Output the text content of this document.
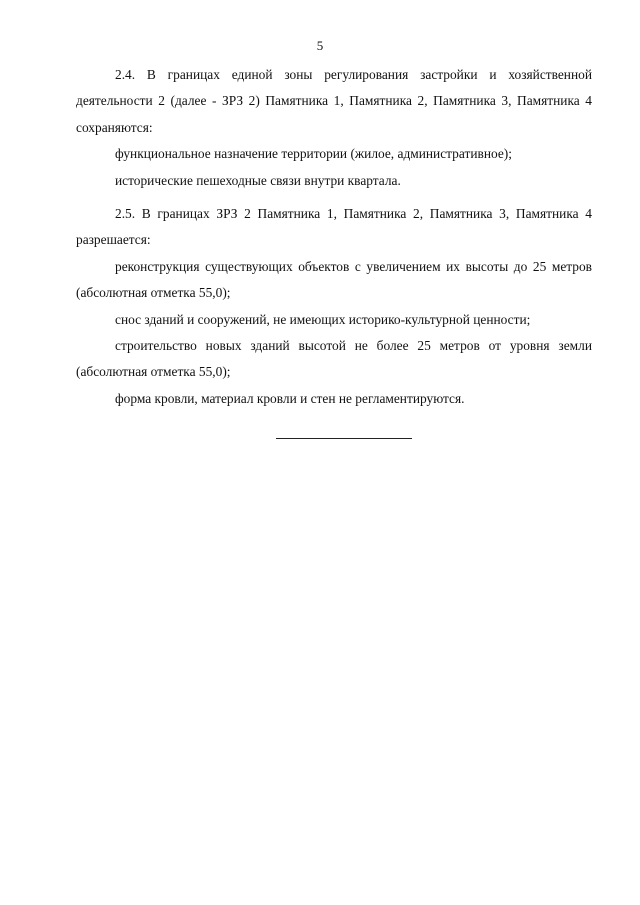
5

2.4. В границах единой зоны регулирования застройки и хозяйственной деятельности 2 (далее - ЗРЗ 2) Памятника 1, Памятника 2, Памятника 3, Памятника 4 сохраняются:

функциональное назначение территории (жилое, административное);

исторические пешеходные связи внутри квартала.

2.5. В границах ЗРЗ 2 Памятника 1, Памятника 2, Памятника 3, Памятника 4 разрешается:

реконструкция существующих объектов с увеличением их высоты до 25 метров (абсолютная отметка 55,0);

снос зданий и сооружений, не имеющих историко-культурной ценности;

строительство новых зданий высотой не более 25 метров от уровня земли (абсолютная отметка 55,0);

форма кровли, материал кровли и стен не регламентируются.
